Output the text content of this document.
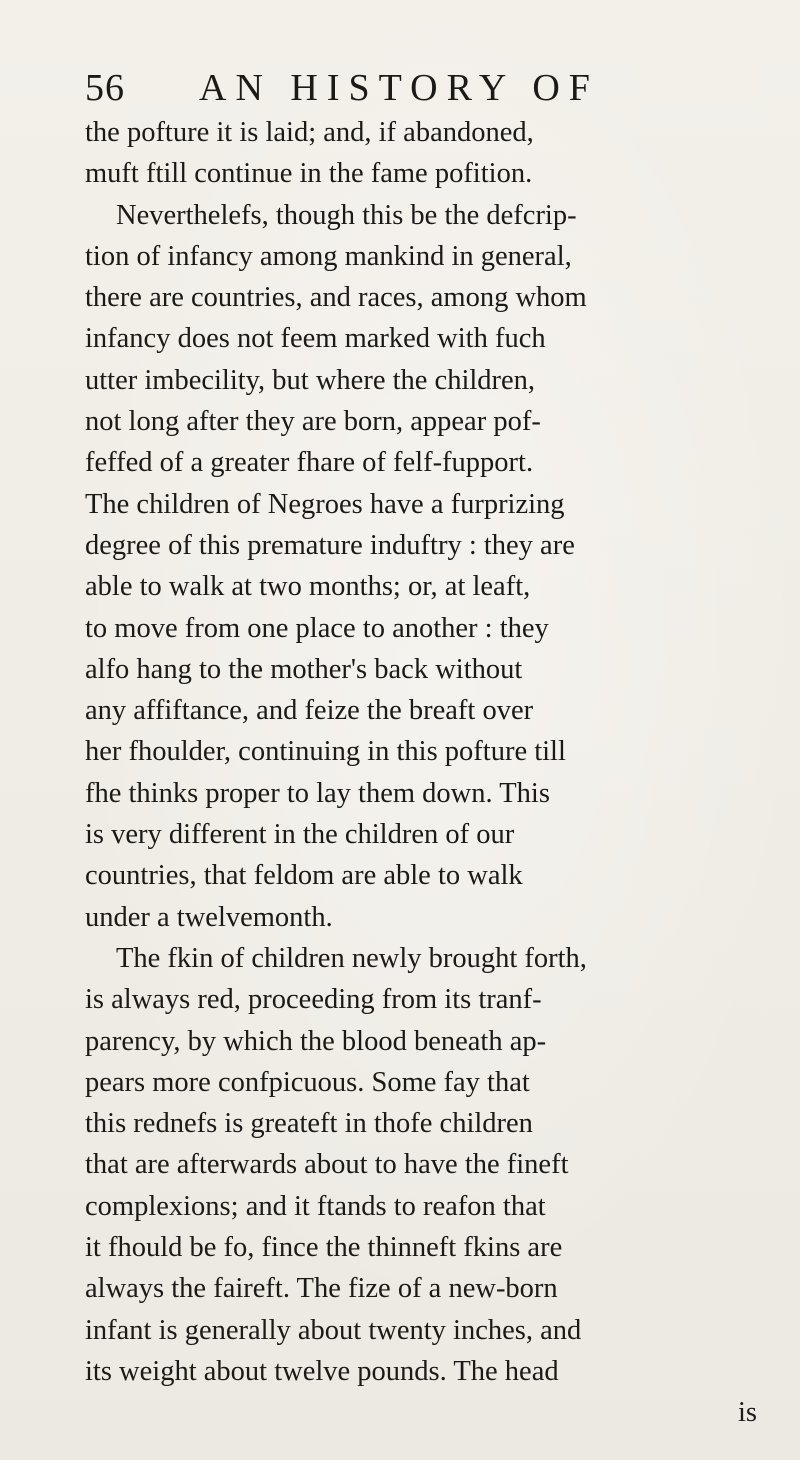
56 AN HISTORY OF
the pofture it is laid; and, if abandoned,
muft ftill continue in the fame pofition.
Neverthelefs, though this be the defcrip-
tion of infancy among mankind in general,
there are countries, and races, among whom
infancy does not feem marked with fuch
utter imbecility, but where the children,
not long after they are born, appear pof-
feffed of a greater fhare of felf-fupport.
The children of Negroes have a furprizing
degree of this premature induftry : they are
able to walk at two months; or, at leaft,
to move from one place to another : they
alfo hang to the mother's back without
any affiftance, and feize the breaft over
her fhoulder, continuing in this pofture till
fhe thinks proper to lay them down. This
is very different in the children of our
countries, that feldom are able to walk
under a twelvemonth.
The fkin of children newly brought forth,
is always red, proceeding from its tranf-
parency, by which the blood beneath ap-
pears more confpicuous. Some fay that
this rednefs is greateft in thofe children
that are afterwards about to have the fineft
complexions; and it ftands to reafon that
it fhould be fo, fince the thinneft fkins are
always the faireft. The fize of a new-born
infant is generally about twenty inches, and
its weight about twelve pounds. The head
is
